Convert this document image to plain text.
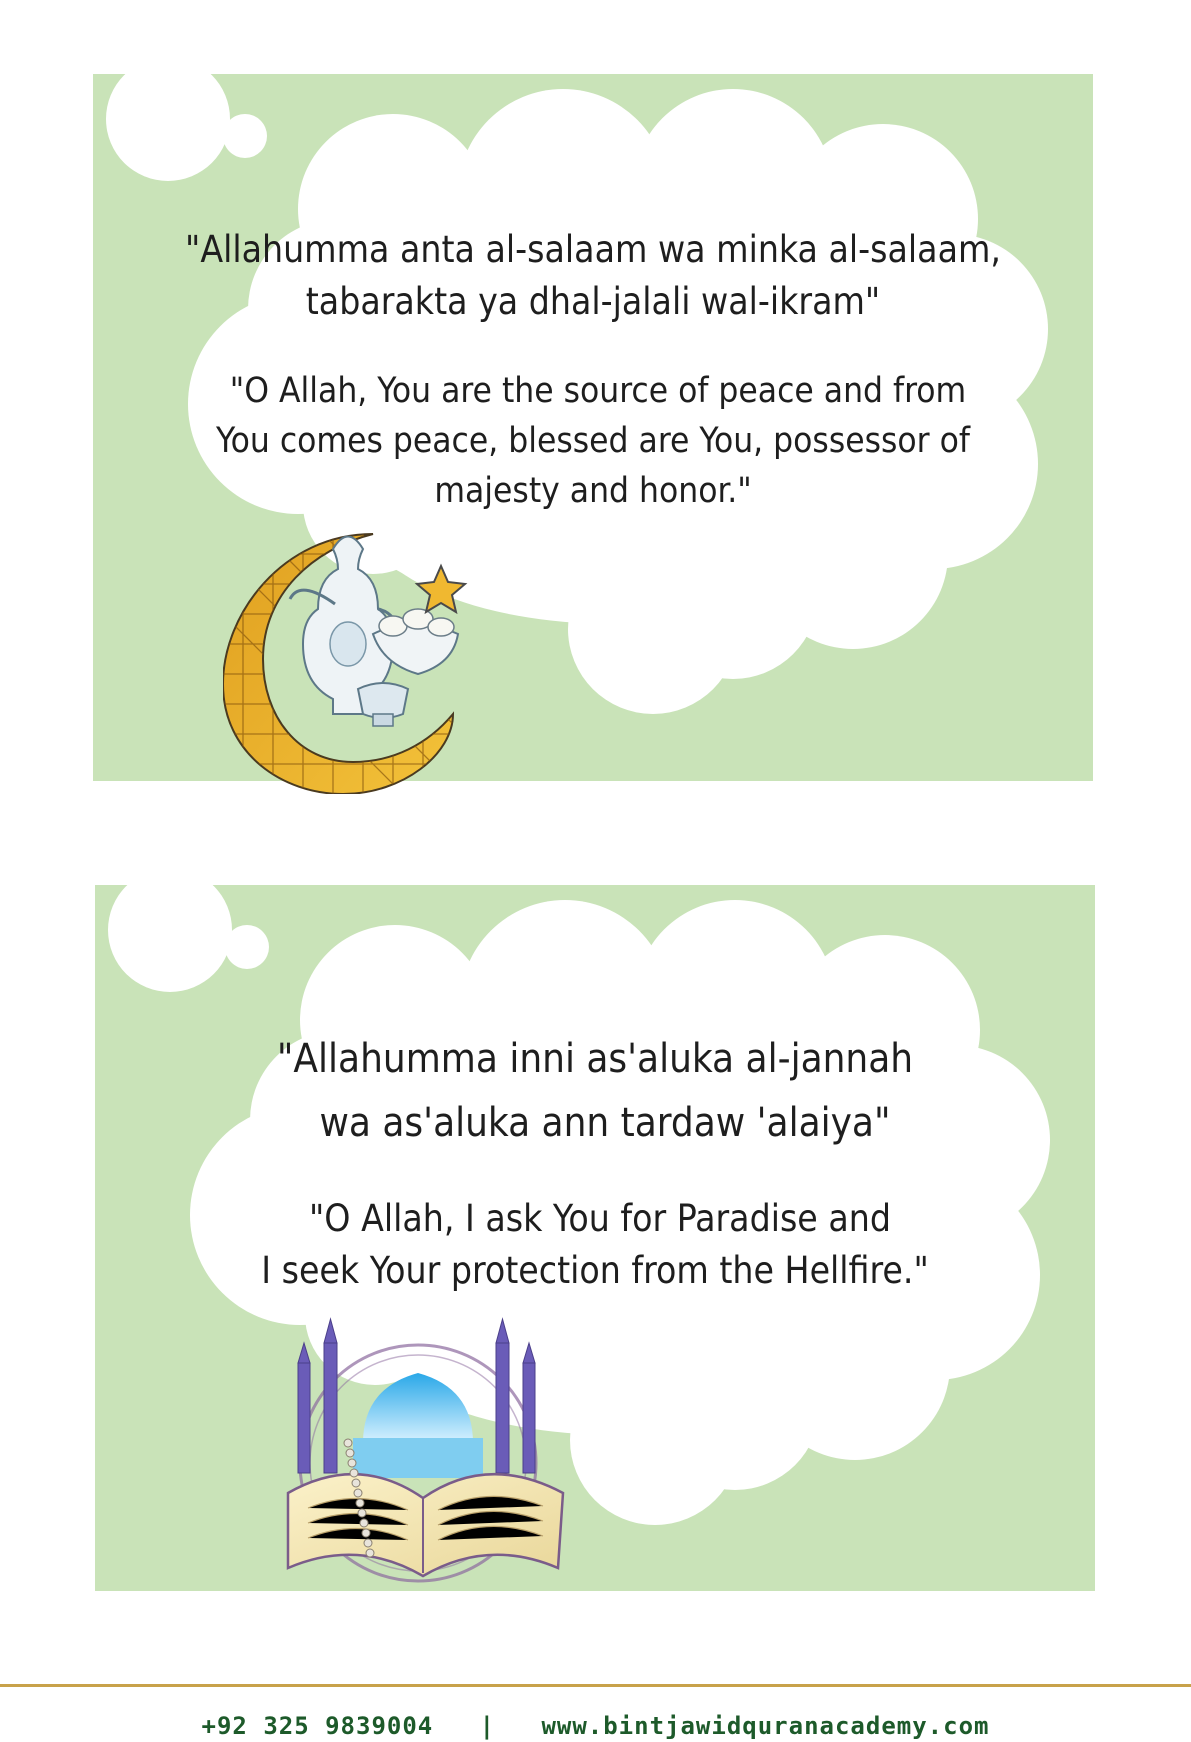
"Allahumma anta al-salaam wa minka al-salaam,
tabarakta ya dhal-jalali wal-ikram"
"O Allah, You are the source of peace and from
You comes peace, blessed are You, possessor of
majesty and honor."
"Allahumma inni as'aluka al-jannah
wa as'aluka ann tardaw 'alaiya"
"O Allah, I ask You for Paradise and
I seek Your protection from the Hellfire."
+92 325 9839004 | www.bintjawidquranacademy.com
